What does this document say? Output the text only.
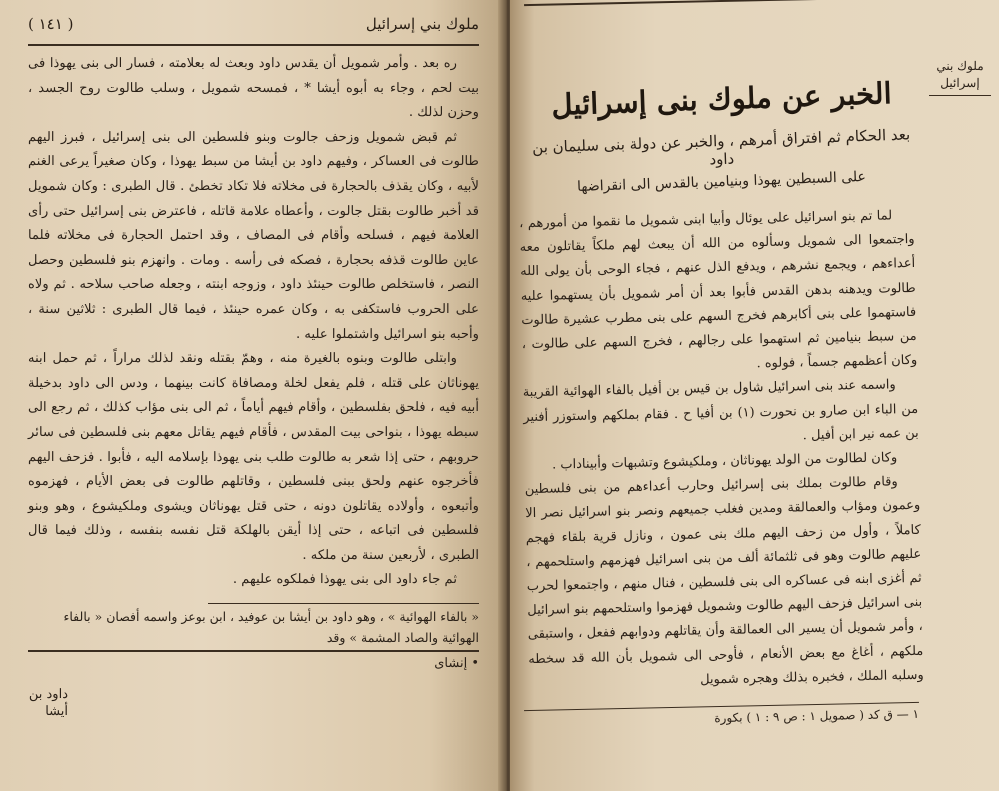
( ١٤١ )	ملوك بني إسرائيل

ره بعد . وأمر شمويل أن يقدس داود وبعث له بعلامته ، فسار الى بنى يهوذا فى بيت لحم ، وجاء به أبوه أيشا * ، فمسحه شمويل ، وسلب طالوت روح الجسد ، وحزن لذلك .

ثم قبض شمويل وزحف جالوت وبنو فلسطين الى بنى إسرائيل ، فبرز اليهم طالوت فى العساكر ، وفيهم داود بن أيشا من سبط يهوذا ، وكان صغيراً يرعى الغنم لأبيه ، وكان يقذف بالحجارة فى مخلاته فلا تكاد تخطئ . قال الطبرى : وكان شمويل قد أخبر طالوت بقتل جالوت ، وأعطاه علامة قاتله ، فاعترض بنى إسرائيل حتى رأى العلامة فيهم ، فسلحه وأقام فى المصاف ، وقد احتمل الحجارة فى مخلاته فلما عاين طالوت قذفه بحجارة ، فصكه فى رأسه . ومات . وانهزم بنو فلسطين وحصل النصر ، فاستخلص طالوت حينئذ داود ، وزوجه ابنته ، وجعله صاحب سلاحه . ثم ولاه على الحروب فاستكفى به ، وكان عمره حينئذ ، فيما قال الطبرى : ثلاثين سنة ، وأحبه بنو اسرائيل واشتملوا عليه .

وابتلى طالوت وبنوه بالغيرة منه ، وهمّ بقتله ونقد لذلك مراراً ، ثم حمل ابنه يهوناثان على قتله ، فلم يفعل لخلة ومصافاة كانت بينهما ، ودس الى داود بدخيلة أبيه فيه ، فلحق بفلسطين ، وأقام فيهم أياماً ، ثم الى بنى مؤاب كذلك ، ثم رجع الى سبطه يهوذا ، بنواحى بيت المقدس ، فأقام فيهم يقاتل معهم بنى فلسطين فى سائر حروبهم ، حتى إذا شعر به طالوت طلب بنى يهوذا بإسلامه اليه ، فأبوا . فزحف اليهم فأخرجوه عنهم ولحق ببنى فلسطين ، وقاتلهم طالوت فى بعض الأيام ، فهزموه وأتبعوه ، وأولاده يقاتلون دونه ، حتى قتل يهوناثان ويشوى وملكيشوع ، وهو وبنو فلسطين فى اتباعه ، حتى إذا أيقن بالهلكة قتل نفسه بنفسه ، وذلك فيما قال الطبرى ، لأربعين سنة من ملكه .

ثم جاء داود الى بنى يهوذا فملكوه عليهم .

« بالفاء الهوائية » ، وهو داود بن أيشا بن عوفيد ، ابن بوعز واسمه أفصان « بالفاء الهوائية والصاد المشمة » وقد
• إنشاى
ملوك بني إسرائيل
الخبر عن ملوك بنى إسرائيل
بعد الحكام ثم افتراق أمرهم ، والخبر عن دولة بنى سليمان بن داود
على السبطين يهوذا وبنيامين بالقدس الى انقراضها

لما تم بنو اسرائيل على يوئال وأبيا ابنى شمويل ما نقموا من أمورهم ، واجتمعوا الى شمويل وسألوه من الله أن يبعث لهم ملكاً يقاتلون معه أعداءهم ، ويجمع نشرهم ، ويدفع الذل عنهم ، فجاء الوحى بأن يولى الله طالوت ويدهنه بدهن القدس فأبوا بعد أن أمر شمويل بأن يستهموا عليه فاستهموا على بنى أكابرهم فخرج السهم على بنى مطرب عشيرة طالوت من سبط بنيامين ثم استهموا على رجالهم ، فخرج السهم على طالوت ، وكان أعظمهم جسماً ، فولوه .

واسمه عند بنى اسرائيل شاول بن قيس بن أفيل بالفاء الهوائية القريبة من الباء ابن صارو بن نحورت (١) بن أفيا ح . فقام بملكهم واستوزر أفنير بن عمه نير ابن أفيل .

وكان لطالوت من الولد يهوناثان ، وملكيشوع وتشبهات وأبيناداب .

وقام طالوت بملك بنى إسرائيل وحارب أعداءهم من بنى فلسطين وعمون ومؤاب والعمالقة ومدين فغلب جميعهم ونصر بنو اسرائيل نصر الا كاملاً ، وأول من زحف اليهم ملك بنى عمون ، ونازل قرية بلقاء فهجم عليهم طالوت وهو فى ثلثمائة ألف من بنى اسرائيل فهزمهم واستلحمهم ، ثم أغزى ابنه فى عساكره الى بنى فلسطين ، فنال منهم ، واجتمعوا لحرب بنى اسرائيل فزحف اليهم طالوت وشمويل فهزموا واستلحمهم بنو اسرائيل ، وأمر شمويل أن يسير الى العمالقة وأن يقاتلهم ودوابهم ففعل ، واستبقى ملكهم ، أغاغ مع بعض الأنعام ، فأوحى الى شمويل بأن الله قد سخطه وسلبه الملك ، فخبره بذلك وهجره شمويل

١ — ق كد ( صمويل ١ : ص ٩ : ١ ) بكورة
داود بن أيشا
